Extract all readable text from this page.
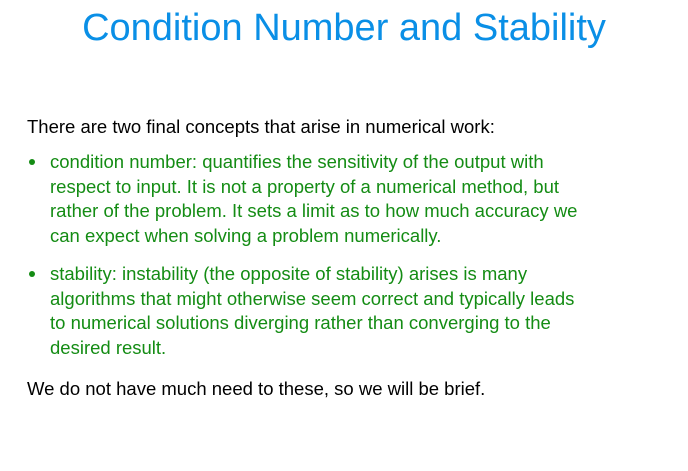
Condition Number and Stability

There are two final concepts that arise in numerical work:

condition number: quantifies the sensitivity of the output with
respect to input. It is not a property of a numerical method, but
rather of the problem. It sets a limit as to how much accuracy we
can expect when solving a problem numerically.
stability: instability (the opposite of stability) arises is many
algorithms that might otherwise seem correct and typically leads
to numerical solutions diverging rather than converging to the
desired result.

We do not have much need to these, so we will be brief.
